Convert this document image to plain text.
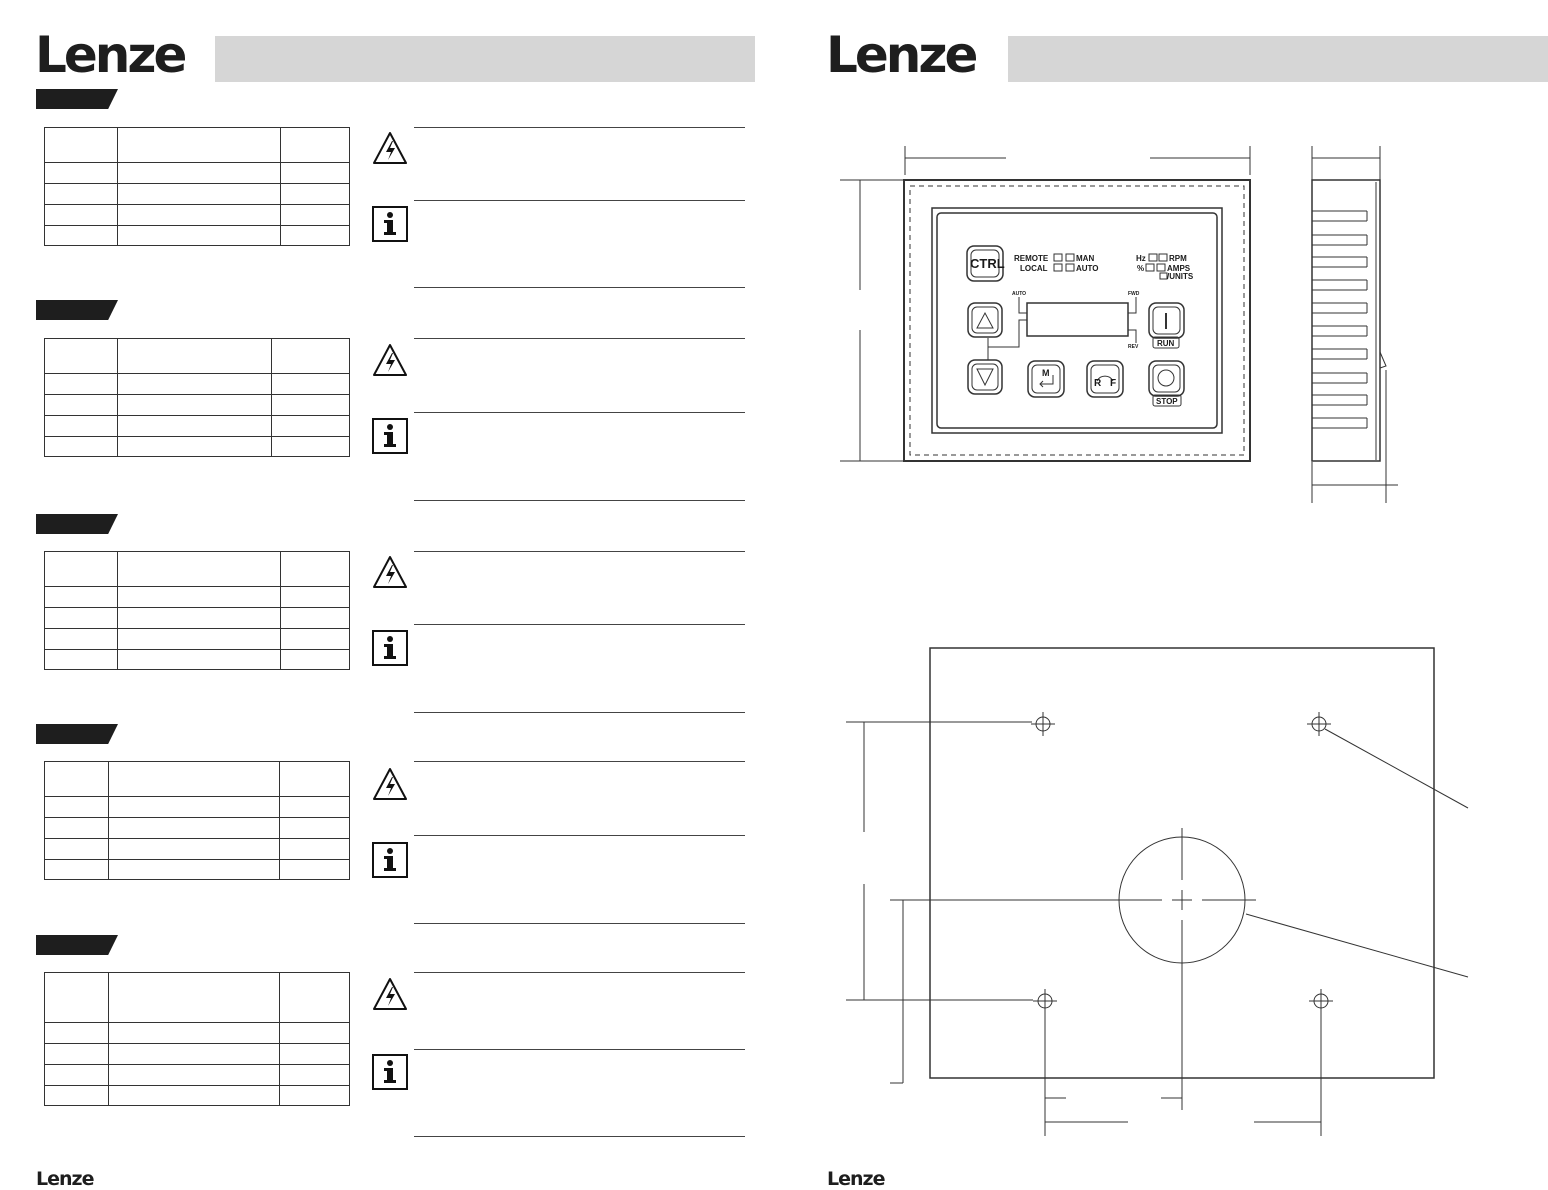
Lenze

Lenze
Lenze
CTRL REMOTE
LOCAL
MAN
AUTO
Hz	RPM
%	AMPS
/UNITS
AUTO	FWD
REV RUN
STOP
M
R F
Lenze
